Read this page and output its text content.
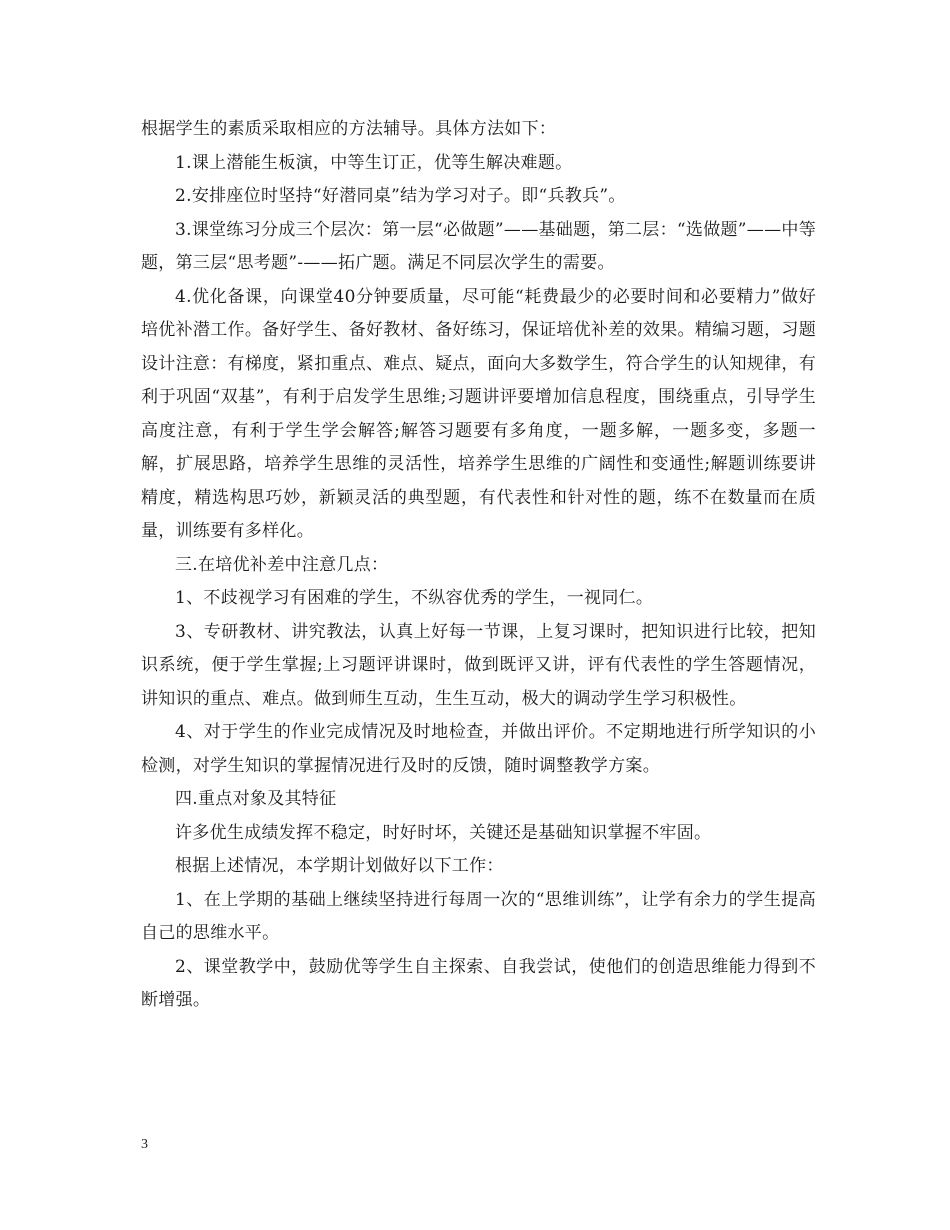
根据学生的素质采取相应的方法辅导。具体方法如下：

1.课上潜能生板演，中等生订正，优等生解决难题。

2.安排座位时坚持“好潜同桌”结为学习对子。即“兵教兵”。

3.课堂练习分成三个层次：第一层“必做题”——基础题，第二层：“选做题”——中等题，第三层“思考题”-——拓广题。满足不同层次学生的需要。

4.优化备课，向课堂40分钟要质量，尽可能“耗费最少的必要时间和必要精力”做好培优补潜工作。备好学生、备好教材、备好练习，保证培优补差的效果。精编习题，习题设计注意：有梯度，紧扣重点、难点、疑点，面向大多数学生，符合学生的认知规律，有利于巩固“双基”，有利于启发学生思维;习题讲评要增加信息程度，围绕重点，引导学生高度注意，有利于学生学会解答;解答习题要有多角度，一题多解，一题多变，多题一解，扩展思路，培养学生思维的灵活性，培养学生思维的广阔性和变通性;解题训练要讲精度，精选构思巧妙，新颖灵活的典型题，有代表性和针对性的题，练不在数量而在质量，训练要有多样化。

三.在培优补差中注意几点：

1、不歧视学习有困难的学生，不纵容优秀的学生，一视同仁。

3、专研教材、讲究教法，认真上好每一节课，上复习课时，把知识进行比较，把知识系统，便于学生掌握;上习题评讲课时，做到既评又讲，评有代表性的学生答题情况，讲知识的重点、难点。做到师生互动，生生互动，极大的调动学生学习积极性。

4、对于学生的作业完成情况及时地检查，并做出评价。不定期地进行所学知识的小检测，对学生知识的掌握情况进行及时的反馈，随时调整教学方案。

四.重点对象及其特征

许多优生成绩发挥不稳定，时好时坏，关键还是基础知识掌握不牢固。

根据上述情况，本学期计划做好以下工作：

1、在上学期的基础上继续坚持进行每周一次的“思维训练”，让学有余力的学生提高自己的思维水平。

2、课堂教学中，鼓励优等学生自主探索、自我尝试，使他们的创造思维能力得到不断增强。

3
